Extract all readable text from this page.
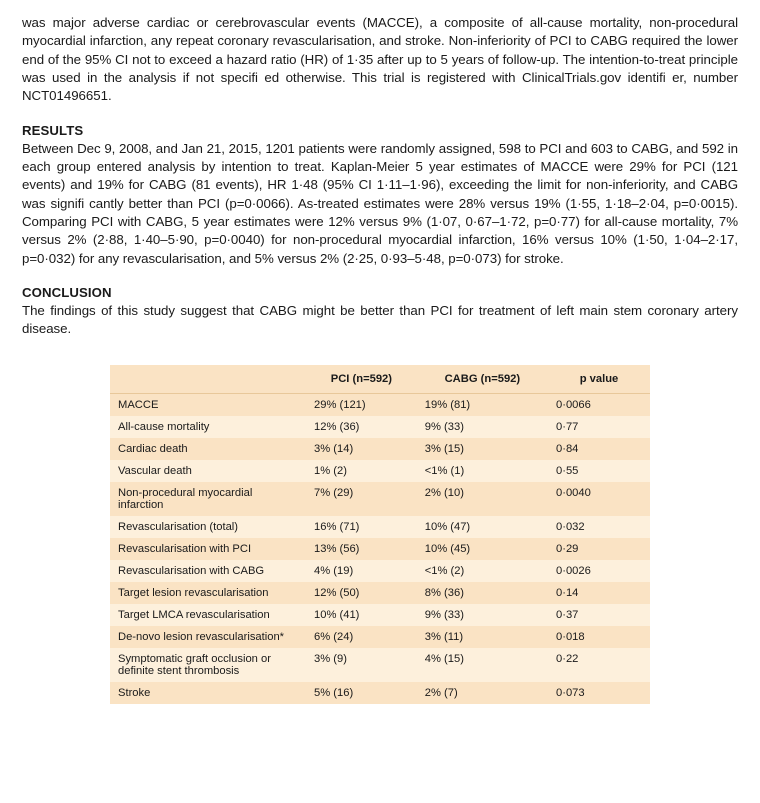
was major adverse cardiac or cerebrovascular events (MACCE), a composite of all-cause mortality, non-procedural myocardial infarction, any repeat coronary revascularisation, and stroke. Non-inferiority of PCI to CABG required the lower end of the 95% CI not to exceed a hazard ratio (HR) of 1·35 after up to 5 years of follow-up. The intention-to-treat principle was used in the analysis if not specifi ed otherwise. This trial is registered with ClinicalTrials.gov identifi er, number NCT01496651.

RESULTS

Between Dec 9, 2008, and Jan 21, 2015, 1201 patients were randomly assigned, 598 to PCI and 603 to CABG, and 592 in each group entered analysis by intention to treat. Kaplan-Meier 5 year estimates of MACCE were 29% for PCI (121 events) and 19% for CABG (81 events), HR 1·48 (95% CI 1·11–1·96), exceeding the limit for non-inferiority, and CABG was signifi cantly better than PCI (p=0·0066). As-treated estimates were 28% versus 19% (1·55, 1·18–2·04, p=0·0015). Comparing PCI with CABG, 5 year estimates were 12% versus 9% (1·07, 0·67–1·72, p=0·77) for all-cause mortality, 7% versus 2% (2·88, 1·40–5·90, p=0·0040) for non-procedural myocardial infarction, 16% versus 10% (1·50, 1·04–2·17, p=0·032) for any revascularisation, and 5% versus 2% (2·25, 0·93–5·48, p=0·073) for stroke.

CONCLUSION

The findings of this study suggest that CABG might be better than PCI for treatment of left main stem coronary artery disease.

	PCI (n=592)	CABG (n=592)	p value
MACCE	29% (121)	19% (81)	0·0066
All-cause mortality	12% (36)	9% (33)	0·77
Cardiac death	3% (14)	3% (15)	0·84
Vascular death	1% (2)	<1% (1)	0·55
Non-procedural myocardial infarction	7% (29)	2% (10)	0·0040
Revascularisation (total)	16% (71)	10% (47)	0·032
Revascularisation with PCI	13% (56)	10% (45)	0·29
Revascularisation with CABG	4% (19)	<1% (2)	0·0026
Target lesion revascularisation	12% (50)	8% (36)	0·14
Target LMCA revascularisation	10% (41)	9% (33)	0·37
De-novo lesion revascularisation*	6% (24)	3% (11)	0·018
Symptomatic graft occlusion or definite stent thrombosis	3% (9)	4% (15)	0·22
Stroke	5% (16)	2% (7)	0·073
